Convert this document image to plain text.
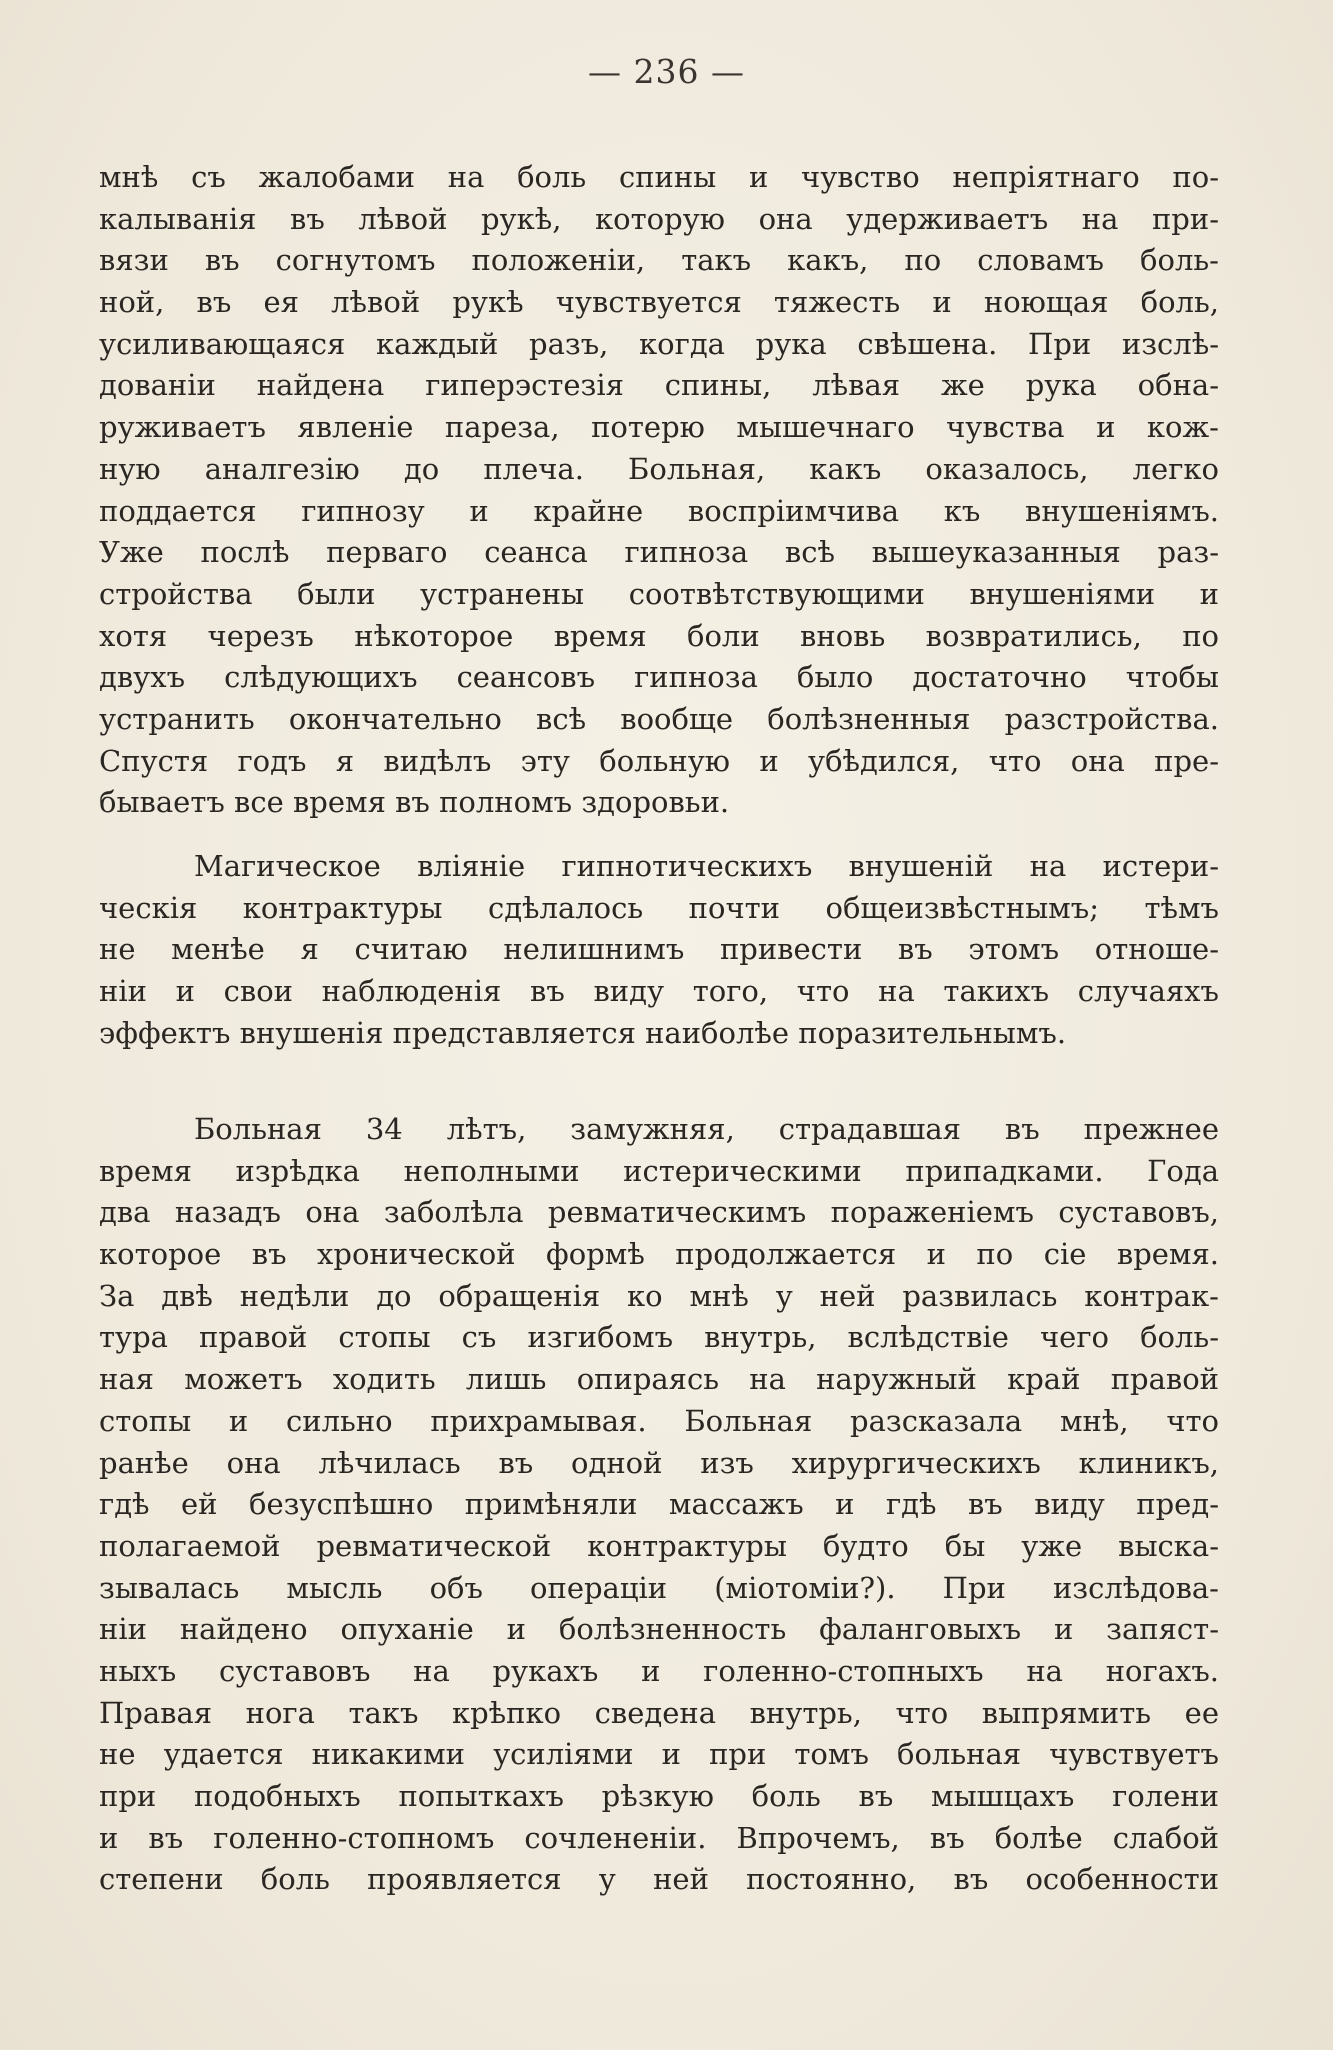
— 236 —
мнѣ съ жалобами на боль спины и чувство непріятнаго по-
калыванія въ лѣвой рукѣ, которую она удерживаетъ на при-
вязи въ согнутомъ положеніи, такъ какъ, по словамъ боль-
ной, въ ея лѣвой рукѣ чувствуется тяжесть и ноющая боль,
усиливающаяся каждый разъ, когда рука свѣшена. При изслѣ-
дованіи найдена гиперэстезія спины, лѣвая же рука обна-
руживаетъ явленіе пареза, потерю мышечнаго чувства и кож-
ную аналгезію до плеча. Больная, какъ оказалось, легко
поддается гипнозу и крайне воспріимчива къ внушеніямъ.
Уже послѣ перваго сеанса гипноза всѣ вышеуказанныя раз-
стройства были устранены соотвѣтствующими внушеніями и
хотя черезъ нѣкоторое время боли вновь возвратились, по
двухъ слѣдующихъ сеансовъ гипноза было достаточно чтобы
устранить окончательно всѣ вообще болѣзненныя разстройства.
Спустя годъ я видѣлъ эту больную и убѣдился, что она пре-
бываетъ все время въ полномъ здоровьи.
Магическое вліяніе гипнотическихъ внушеній на истери-
ческія контрактуры сдѣлалось почти общеизвѣстнымъ; тѣмъ
не менѣе я считаю нелишнимъ привести въ этомъ отноше-
ніи и свои наблюденія въ виду того, что на такихъ случаяхъ
эффектъ внушенія представляется наиболѣе поразительнымъ.
Больная 34 лѣтъ, замужняя, страдавшая въ прежнее
время изрѣдка неполными истерическими припадками. Года
два назадъ она заболѣла ревматическимъ пораженіемъ суставовъ,
которое въ хронической формѣ продолжается и по сіе время.
За двѣ недѣли до обращенія ко мнѣ у ней развилась контрак-
тура правой стопы съ изгибомъ внутрь, вслѣдствіе чего боль-
ная можетъ ходить лишь опираясь на наружный край правой
стопы и сильно прихрамывая. Больная разсказала мнѣ, что
ранѣе она лѣчилась въ одной изъ хирургическихъ клиникъ,
гдѣ ей безуспѣшно примѣняли массажъ и гдѣ въ виду пред-
полагаемой ревматической контрактуры будто бы уже выска-
зывалась мысль объ операціи (міотоміи?). При изслѣдова-
ніи найдено опуханіе и болѣзненность фаланговыхъ и запяст-
ныхъ суставовъ на рукахъ и голенно-стопныхъ на ногахъ.
Правая нога такъ крѣпко сведена внутрь, что выпрямить ее
не удается никакими усиліями и при томъ больная чувствуетъ
при подобныхъ попыткахъ рѣзкую боль въ мышцахъ голени
и въ голенно-стопномъ сочлененіи. Впрочемъ, въ болѣе слабой
степени боль проявляется у ней постоянно, въ особенности
